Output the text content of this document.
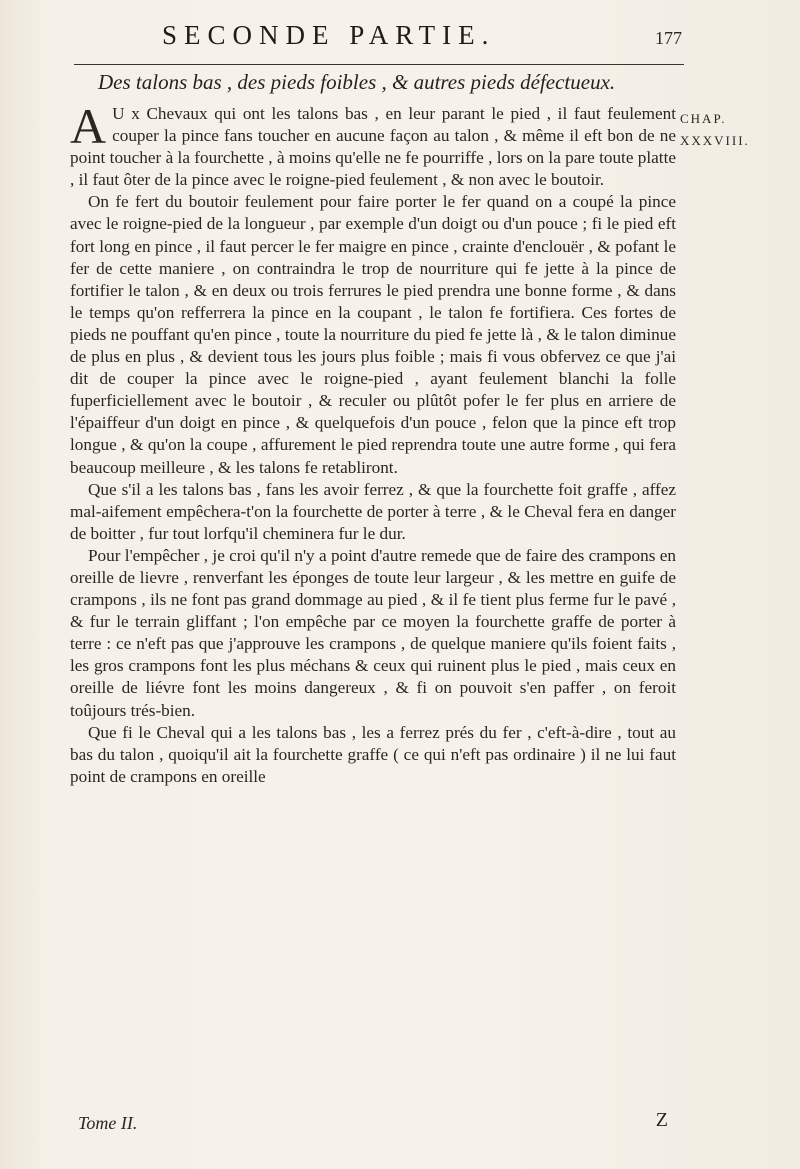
SECONDE PARTIE.	177
Des talons bas , des pieds foibles , & autres pieds défectueux.
CHAP.
XXXVIII.

A U x Chevaux qui ont les talons bas , en leur parant le pied , il faut feulement couper la pince fans toucher en aucune façon au talon , & même il eft bon de ne point toucher à la fourchette , à moins qu'elle ne fe pourriffe , lors on la pare toute platte , il faut ôter de la pince avec le roigne-pied feulement , & non avec le boutoir.

On fe fert du boutoir feulement pour faire porter le fer quand on a coupé la pince avec le roigne-pied de la longueur , par exemple d'un doigt ou d'un pouce ; fi le pied eft fort long en pince , il faut percer le fer maigre en pince , crainte d'enclouër , & pofant le fer de cette maniere , on contraindra le trop de nourriture qui fe jette à la pince de fortifier le talon , & en deux ou trois ferrures le pied prendra une bonne forme , & dans le temps qu'on refferrera la pince en la coupant , le talon fe fortifiera. Ces fortes de pieds ne pouffant qu'en pince , toute la nourriture du pied fe jette là , & le talon diminue de plus en plus , & devient tous les jours plus foible ; mais fi vous obfervez ce que j'ai dit de couper la pince avec le roigne-pied , ayant feulement blanchi la folle fuperficiellement avec le boutoir , & reculer ou plûtôt pofer le fer plus en arriere de l'épaiffeur d'un doigt en pince , & quelquefois d'un pouce , felon que la pince eft trop longue , & qu'on la coupe , affurement le pied reprendra toute une autre forme , qui fera beaucoup meilleure , & les talons fe retabliront.

Que s'il a les talons bas , fans les avoir ferrez , & que la fourchette foit graffe , affez mal-aifement empêchera-t'on la fourchette de porter à terre , & le Cheval fera en danger de boitter , fur tout lorfqu'il cheminera fur le dur.

Pour l'empêcher , je croi qu'il n'y a point d'autre remede que de faire des crampons en oreille de lievre , renverfant les éponges de toute leur largeur , & les mettre en guife de crampons , ils ne font pas grand dommage au pied , & il fe tient plus ferme fur le pavé , & fur le terrain gliffant ; l'on empêche par ce moyen la fourchette graffe de porter à terre : ce n'eft pas que j'approuve les crampons , de quelque maniere qu'ils foient faits , les gros crampons font les plus méchans & ceux qui ruinent plus le pied , mais ceux en oreille de liévre font les moins dangereux , & fi on pouvoit s'en paffer , on feroit toûjours trés-bien.

Que fi le Cheval qui a les talons bas , les a ferrez prés du fer , c'eft-à-dire , tout au bas du talon , quoiqu'il ait la fourchette graffe ( ce qui n'eft pas ordinaire ) il ne lui faut point de crampons en oreille

Tome II.	Z
